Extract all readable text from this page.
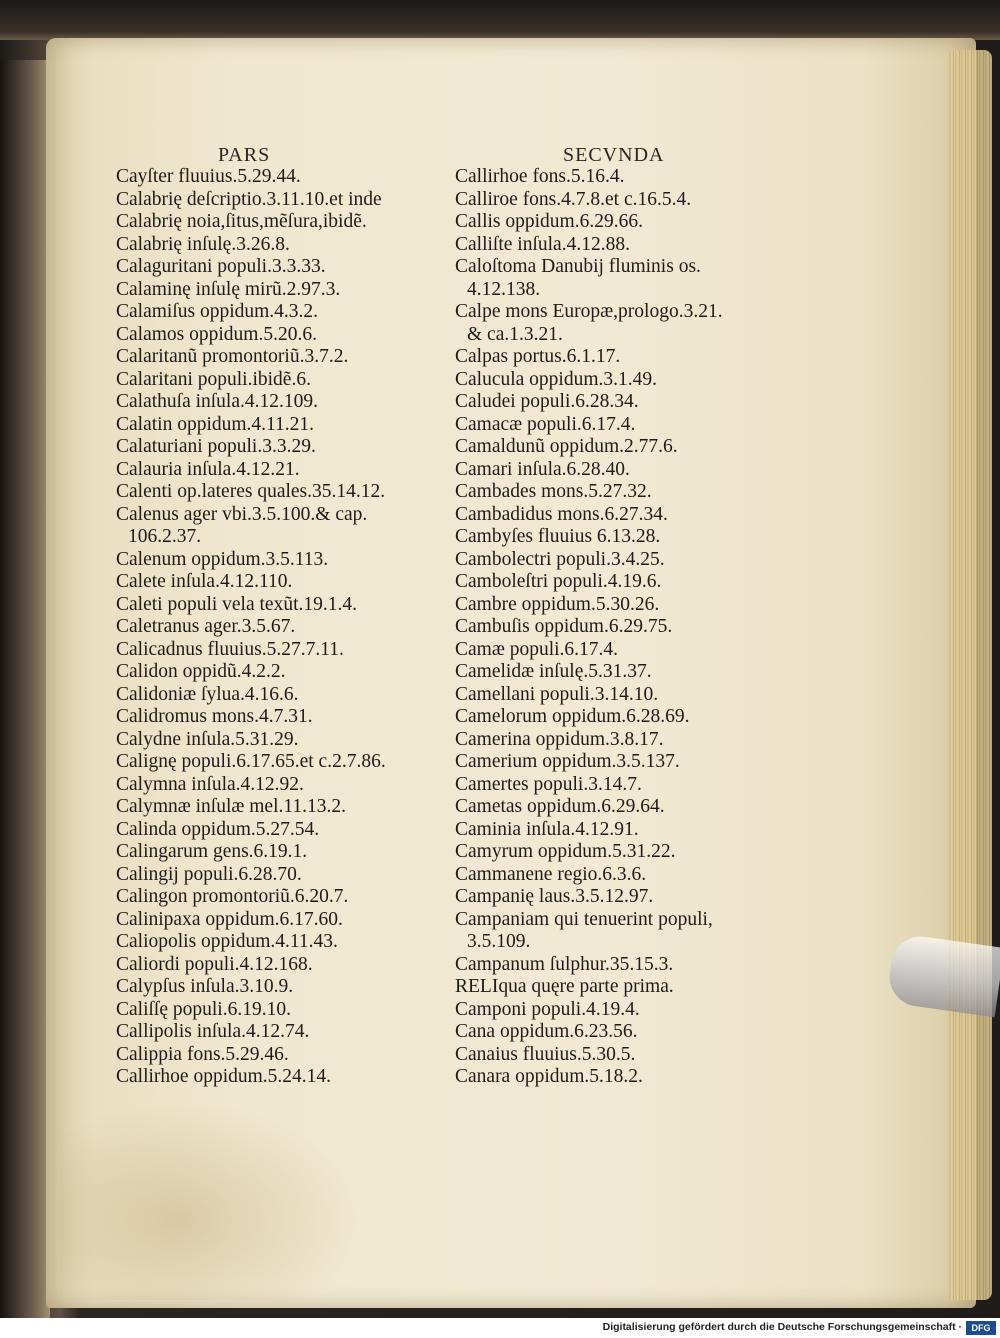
PARS	SECVNDA
Cayſter fluuius.5.29.44.
Calabrię deſcriptio.3.11.10.et inde
Calabrię noia,ſitus,mẽſura,ibidẽ.
Calabrię inſulę.3.26.8.
Calaguritani populi.3.3.33.
Calaminę inſulę mirũ.2.97.3.
Calamiſus oppidum.4.3.2.
Calamos oppidum.5.20.6.
Calaritanũ promontoriũ.3.7.2.
Calaritani populi.ibidẽ.6.
Calathuſa inſula.4.12.109.
Calatin oppidum.4.11.21.
Calaturiani populi.3.3.29.
Calauria inſula.4.12.21.
Calenti op.lateres quales.35.14.12.
Calenus ager vbi.3.5.100.& cap.
106.2.37.
Calenum oppidum.3.5.113.
Calete inſula.4.12.110.
Caleti populi vela texũt.19.1.4.
Caletranus ager.3.5.67.
Calicadnus fluuius.5.27.7.11.
Calidon oppidũ.4.2.2.
Calidoniæ ſylua.4.16.6.
Calidromus mons.4.7.31.
Calydne inſula.5.31.29.
Calignę populi.6.17.65.et c.2.7.86.
Calymna inſula.4.12.92.
Calymnæ inſulæ mel.11.13.2.
Calinda oppidum.5.27.54.
Calingarum gens.6.19.1.
Calingij populi.6.28.70.
Calingon promontoriũ.6.20.7.
Calinipaxa oppidum.6.17.60.
Caliopolis oppidum.4.11.43.
Caliordi populi.4.12.168.
Calypſus inſula.3.10.9.
Caliſſę populi.6.19.10.
Callipolis inſula.4.12.74.
Calippia fons.5.29.46.
Callirhoe oppidum.5.24.14.
Callirhoe fons.5.16.4.
Calliroe fons.4.7.8.et c.16.5.4.
Callis oppidum.6.29.66.
Calliſte inſula.4.12.88.
Caloſtoma Danubij fluminis os.
4.12.138.
Calpe mons Europæ,prologo.3.21.
& ca.1.3.21.
Calpas portus.6.1.17.
Calucula oppidum.3.1.49.
Caludei populi.6.28.34.
Camacæ populi.6.17.4.
Camaldunũ oppidum.2.77.6.
Camari inſula.6.28.40.
Cambades mons.5.27.32.
Cambadidus mons.6.27.34.
Cambyſes fluuius 6.13.28.
Cambolectri populi.3.4.25.
Camboleſtri populi.4.19.6.
Cambre oppidum.5.30.26.
Cambuſis oppidum.6.29.75.
Camæ populi.6.17.4.
Camelidæ inſulę.5.31.37.
Camellani populi.3.14.10.
Camelorum oppidum.6.28.69.
Camerina oppidum.3.8.17.
Camerium oppidum.3.5.137.
Camertes populi.3.14.7.
Cametas oppidum.6.29.64.
Caminia inſula.4.12.91.
Camyrum oppidum.5.31.22.
Cammanene regio.6.3.6.
Campanię laus.3.5.12.97.
Campaniam qui tenuerint populi,
3.5.109.
Campanum ſulphur.35.15.3.
RELIqua quęre parte prima.
Camponi populi.4.19.4.
Cana oppidum.6.23.56.
Canaius fluuius.5.30.5.
Canara oppidum.5.18.2.
Digitalisierung gefördert durch die Deutsche Forschungsgemeinschaft ·	DFG
